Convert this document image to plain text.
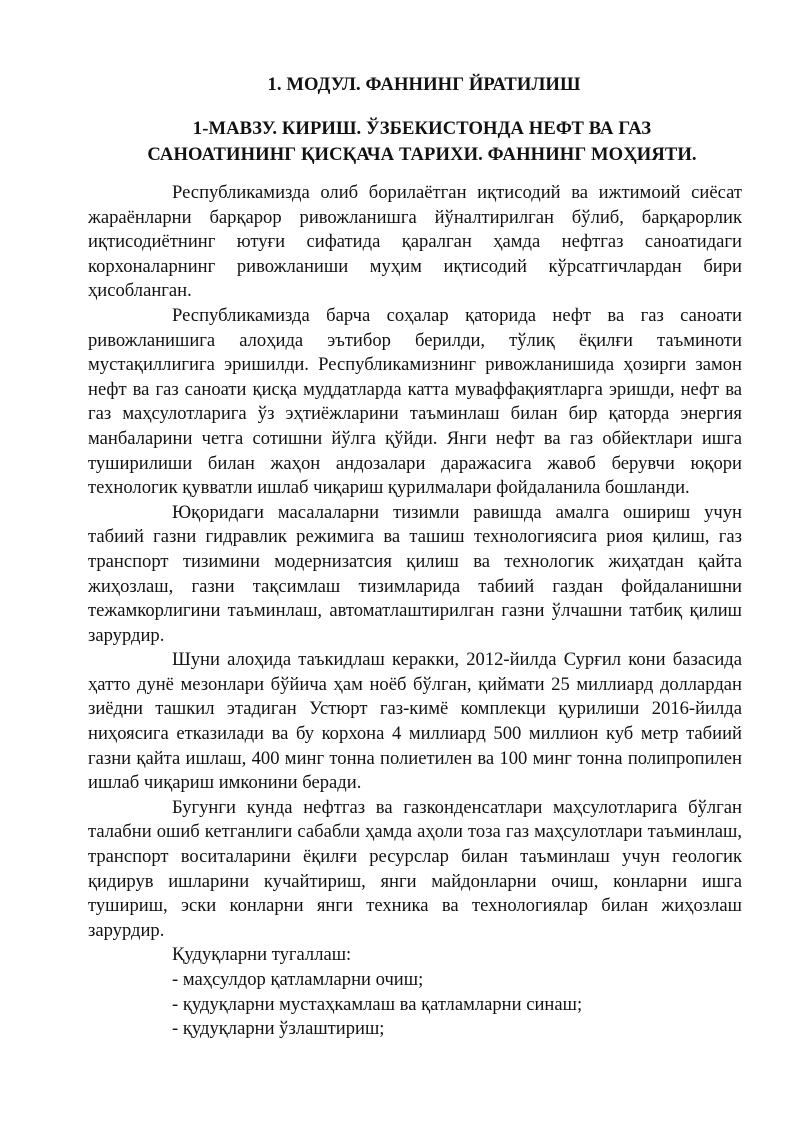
1. МОДУЛ. ФАННИНГ ЙРАТИЛИШ
1-МАВЗУ. КИРИШ. ЎЗБЕКИСТОНДА НЕФТ ВА ГАЗ
САНОАТИНИНГ ҚИСҚАЧА ТАРИХИ. ФАННИНГ МОҲИЯТИ.

Республикамизда олиб борилаётган иқтисодий ва ижтимоий сиёсат жараёнларни барқарор ривожланишга йўналтирилган бўлиб, барқарорлик иқтисодиётнинг ютуғи сифатида қаралган ҳамда нефтгаз саноатидаги корхоналарнинг ривожланиши муҳим иқтисодий кўрсатгичлардан бири ҳисобланган.

Республикамизда барча соҳалар қаторида нефт ва газ саноати ривожланишига алоҳида эътибор берилди, тўлиқ ёқилғи таъминоти мустақиллигига эришилди. Республикамизнинг ривожланишида ҳозирги замон нефт ва газ саноати қисқа муддатларда катта муваффақиятларга эришди, нефт ва газ маҳсулотларига ўз эҳтиёжларини таъминлаш билан бир қаторда энергия манбаларини четга сотишни йўлга қўйди. Янги нефт ва газ обйектлари ишга туширилиши билан жаҳон андозалари даражасига жавоб берувчи юқори технологик қувватли ишлаб чиқариш қурилмалари фойдаланила бошланди.

Юқоридаги масалаларни тизимли равишда амалга ошириш учун табиий газни гидравлик режимига ва ташиш технологиясига риоя қилиш, газ транспорт тизимини модернизатсия қилиш ва технологик жиҳатдан қайта жиҳозлаш, газни тақсимлаш тизимларида табиий газдан фойдаланишни тежамкорлигини таъминлаш, автоматлаштирилган газни ўлчашни татбиқ қилиш зарурдир.

Шуни алоҳида таъкидлаш керакки, 2012-йилда Сурғил кони базасида ҳатто дунё мезонлари бўйича ҳам ноёб бўлган, қиймати 25 миллиард доллардан зиёдни ташкил этадиган Устюрт газ-кимё комплекци қурилиши 2016-йилда ниҳоясига етказилади ва бу корхона 4 миллиард 500 миллион куб метр табиий газни қайта ишлаш, 400 минг тонна полиетилен ва 100 минг тонна полипропилен ишлаб чиқариш имконини беради.

Бугунги кунда нефтгаз ва газконденсатлари маҳсулотларига бўлган талабни ошиб кетганлиги сабабли ҳамда аҳоли тоза газ маҳсулотлари таъминлаш, транспорт воситаларини ёқилғи ресурслар билан таъминлаш учун геологик қидирув ишларини кучайтириш, янги майдонларни очиш, конларни ишга тушириш, эски конларни янги техника ва технологиялар билан жиҳозлаш зарурдир.

Қудуқларни тугаллаш:

- маҳсулдор қатламларни очиш;
- қудуқларни мустаҳкамлаш ва қатламларни синаш;
- қудуқларни ўзлаштириш;
